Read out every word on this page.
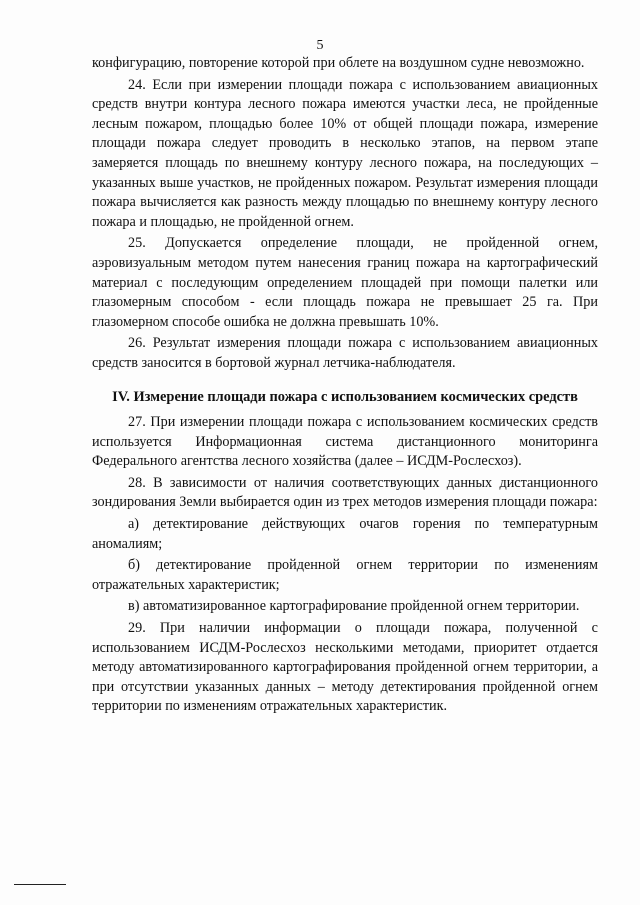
5

конфигурацию, повторение которой при облете на воздушном судне невозможно.

24. Если при измерении площади пожара с использованием авиационных средств внутри контура лесного пожара имеются участки леса, не пройденные лесным пожаром, площадью более 10% от общей площади пожара, измерение площади пожара следует проводить в несколько этапов, на первом этапе замеряется площадь по внешнему контуру лесного пожара, на последующих – указанных выше участков, не пройденных пожаром. Результат измерения площади пожара вычисляется как разность между площадью по внешнему контуру лесного пожара и площадью, не пройденной огнем.

25. Допускается определение площади, не пройденной огнем, аэровизуальным методом путем нанесения границ пожара на картографический материал с последующим определением площадей при помощи палетки или глазомерным способом - если площадь пожара не превышает 25 га. При глазомерном способе ошибка не должна превышать 10%.

26. Результат измерения площади пожара с использованием авиационных средств заносится в бортовой журнал летчика-наблюдателя.

IV. Измерение площади пожара с использованием космических средств

27. При измерении площади пожара с использованием космических средств используется Информационная система дистанционного мониторинга Федерального агентства лесного хозяйства (далее – ИСДМ-Рослесхоз).

28. В зависимости от наличия соответствующих данных дистанционного зондирования Земли выбирается один из трех методов измерения площади пожара:

а) детектирование действующих очагов горения по температурным аномалиям;

б) детектирование пройденной огнем территории по изменениям отражательных характеристик;

в) автоматизированное картографирование пройденной огнем территории.

29. При наличии информации о площади пожара, полученной с использованием ИСДМ-Рослесхоз несколькими методами, приоритет отдается методу автоматизированного картографирования пройденной огнем территории, а при отсутствии указанных данных – методу детектирования пройденной огнем территории по изменениям отражательных характеристик.
